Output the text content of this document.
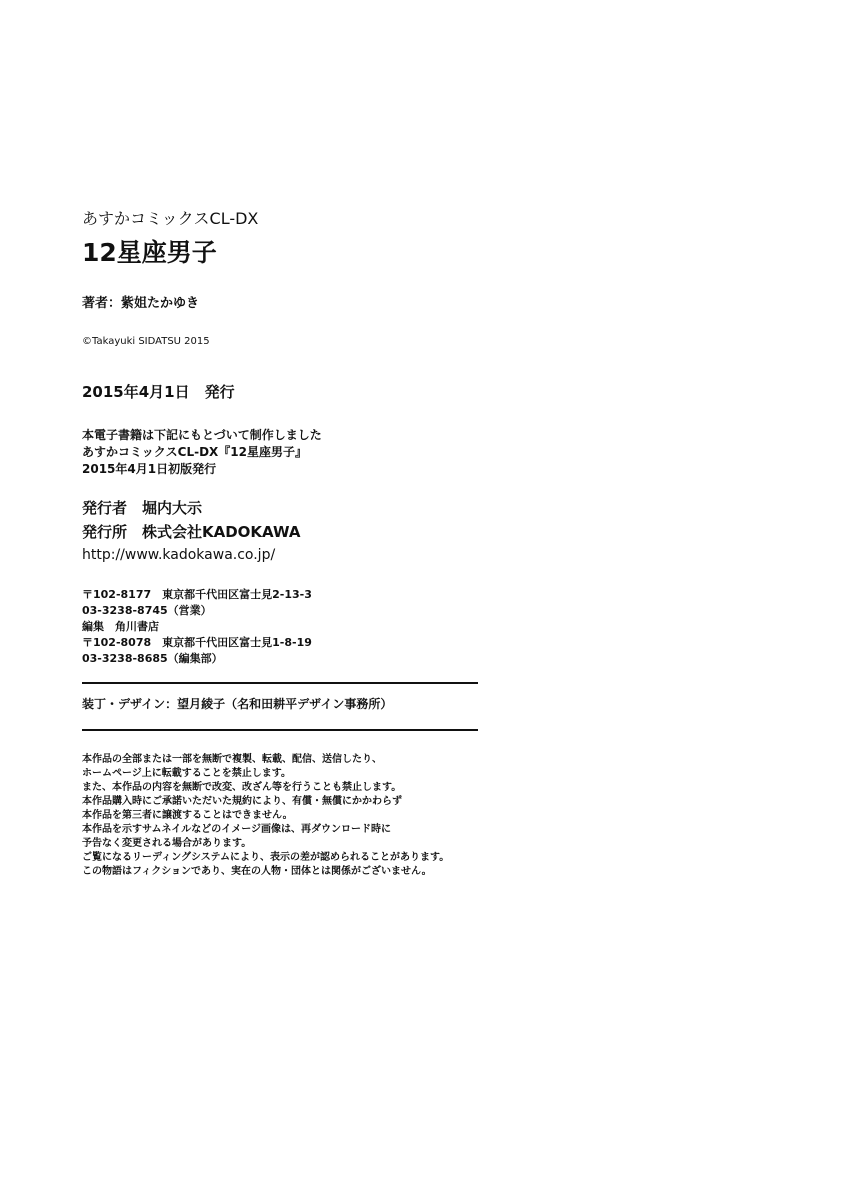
あすかコミックスCL-DX
12星座男子
著者：紫姐たかゆき
©Takayuki SIDATSU 2015
2015年4月1日　発行
本電子書籍は下記にもとづいて制作しました
あすかコミックスCL-DX『12星座男子』
2015年4月1日初版発行
発行者　堀内大示
発行所　株式会社KADOKAWA
http://www.kadokawa.co.jp/
〒102-8177　東京都千代田区富士見2-13-3
03-3238-8745（営業）
編集　角川書店
〒102-8078　東京都千代田区富士見1-8-19
03-3238-8685（編集部）
装丁・デザイン：望月綾子（名和田耕平デザイン事務所）
本作品の全部または一部を無断で複製、転載、配信、送信したり、
ホームページ上に転載することを禁止します。
また、本作品の内容を無断で改変、改ざん等を行うことも禁止します。
本作品購入時にご承諾いただいた規約により、有償・無償にかかわらず
本作品を第三者に譲渡することはできません。
本作品を示すサムネイルなどのイメージ画像は、再ダウンロード時に
予告なく変更される場合があります。
ご覧になるリーディングシステムにより、表示の差が認められることがあります。
この物語はフィクションであり、実在の人物・団体とは関係がございません。
